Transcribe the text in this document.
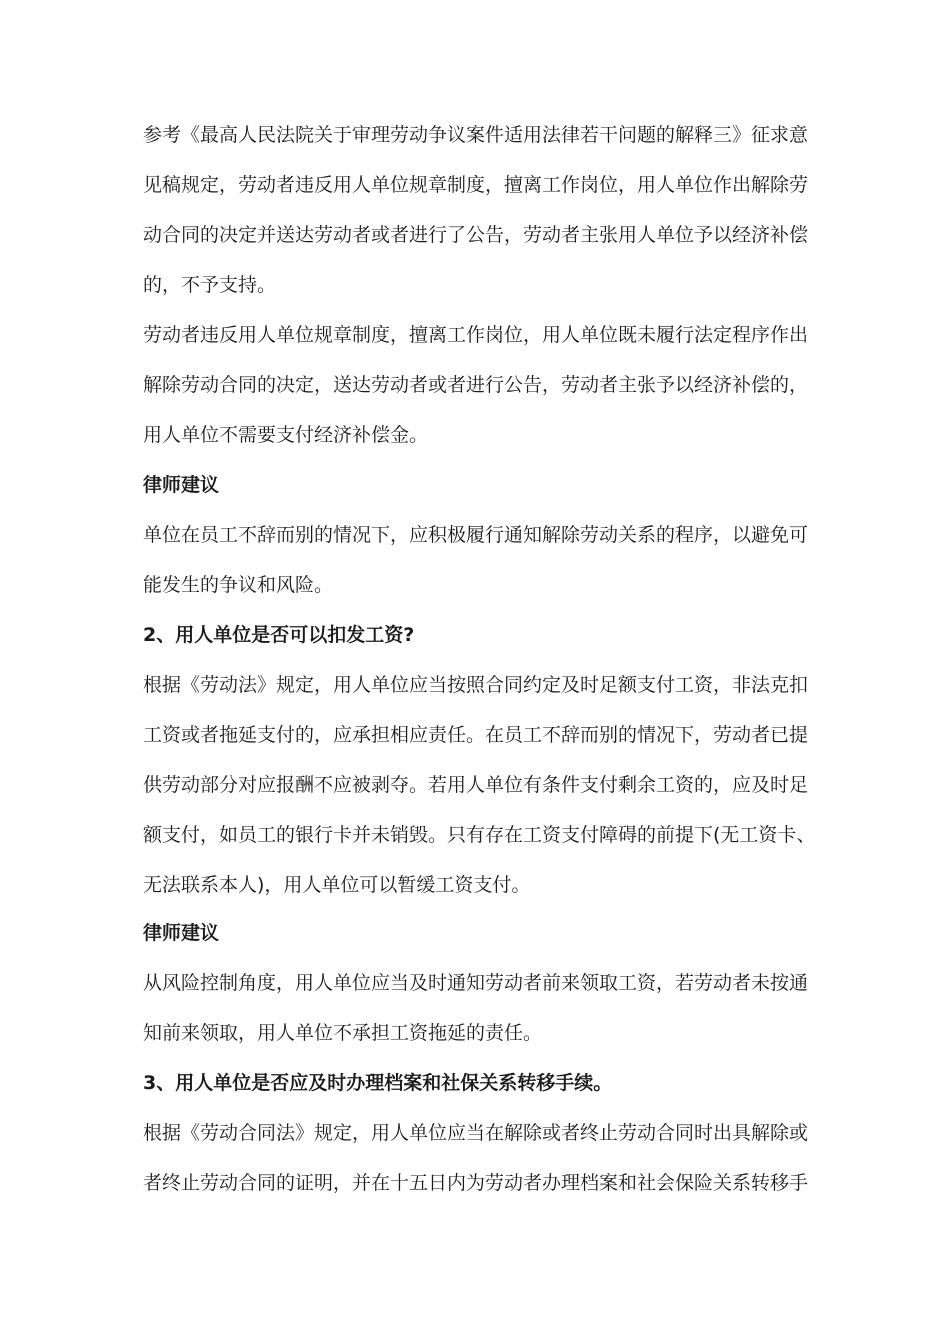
参考《最高人民法院关于审理劳动争议案件适用法律若干问题的解释三》征求意
见稿规定，劳动者违反用人单位规章制度，擅离工作岗位，用人单位作出解除劳
动合同的决定并送达劳动者或者进行了公告，劳动者主张用人单位予以经济补偿
的，不予支持。
劳动者违反用人单位规章制度，擅离工作岗位，用人单位既未履行法定程序作出
解除劳动合同的决定，送达劳动者或者进行公告，劳动者主张予以经济补偿的，
用人单位不需要支付经济补偿金。
律师建议
单位在员工不辞而别的情况下，应积极履行通知解除劳动关系的程序，以避免可
能发生的争议和风险。
2、用人单位是否可以扣发工资?
根据《劳动法》规定，用人单位应当按照合同约定及时足额支付工资，非法克扣
工资或者拖延支付的，应承担相应责任。在员工不辞而别的情况下，劳动者已提
供劳动部分对应报酬不应被剥夺。若用人单位有条件支付剩余工资的，应及时足
额支付，如员工的银行卡并未销毁。只有存在工资支付障碍的前提下(无工资卡、
无法联系本人)，用人单位可以暂缓工资支付。
律师建议
从风险控制角度，用人单位应当及时通知劳动者前来领取工资，若劳动者未按通
知前来领取，用人单位不承担工资拖延的责任。
3、用人单位是否应及时办理档案和社保关系转移手续。
根据《劳动合同法》规定，用人单位应当在解除或者终止劳动合同时出具解除或
者终止劳动合同的证明，并在十五日内为劳动者办理档案和社会保险关系转移手
